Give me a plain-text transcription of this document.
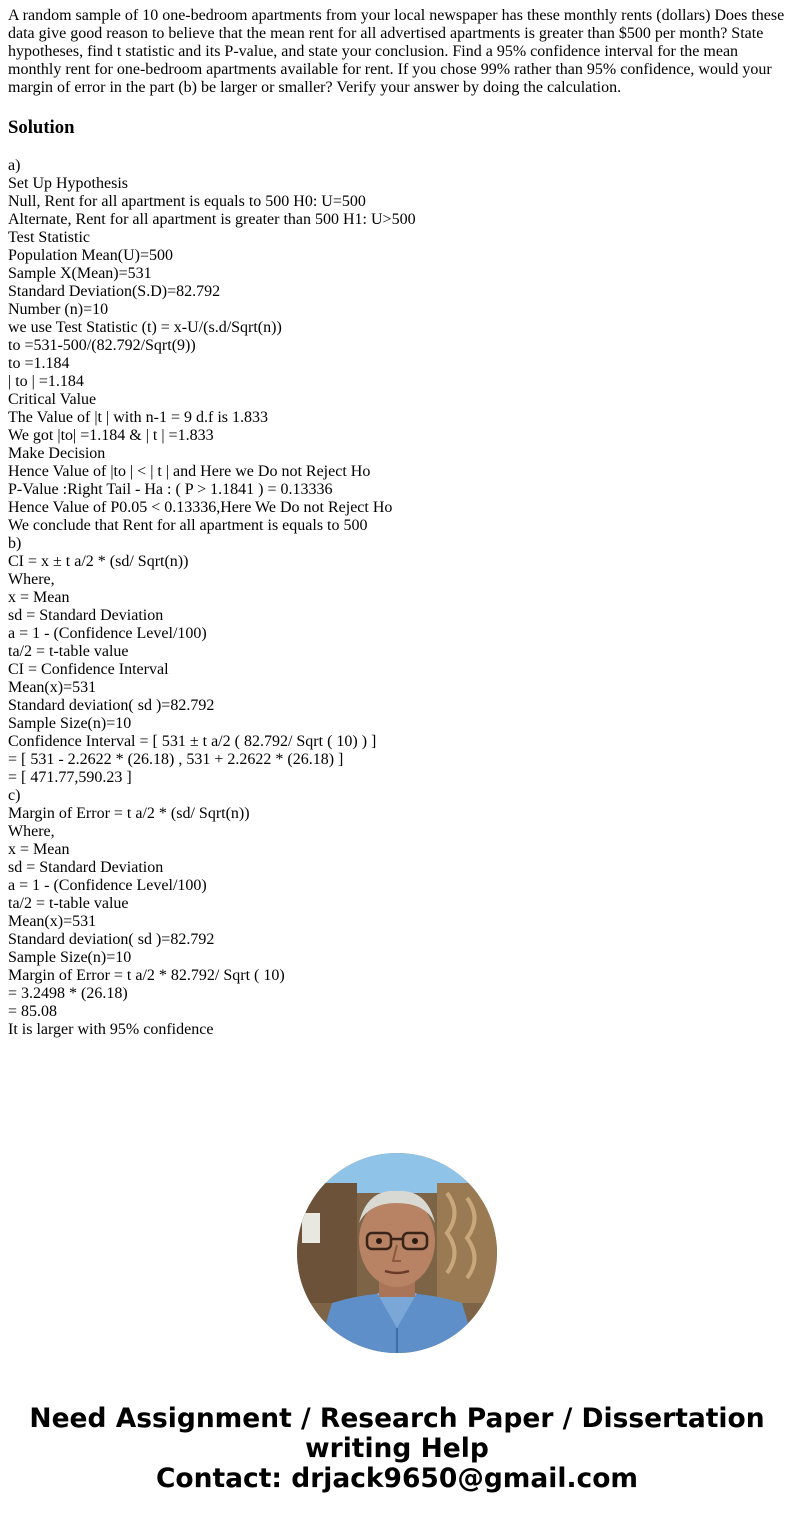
A random sample of 10 one-bedroom apartments from your local newspaper has these monthly rents (dollars) Does these data give good reason to believe that the mean rent for all advertised apartments is greater than $500 per month? State hypotheses, find t statistic and its P-value, and state your conclusion. Find a 95% confidence interval for the mean monthly rent for one-bedroom apartments available for rent. If you chose 99% rather than 95% confidence, would your margin of error in the part (b) be larger or smaller? Verify your answer by doing the calculation.

Solution
a)
Set Up Hypothesis
Null, Rent for all apartment is equals to 500 H0: U=500
Alternate, Rent for all apartment is greater than 500 H1: U>500
Test Statistic
Population Mean(U)=500
Sample X(Mean)=531
Standard Deviation(S.D)=82.792
Number (n)=10
we use Test Statistic (t) = x-U/(s.d/Sqrt(n))
to =531-500/(82.792/Sqrt(9))
to =1.184
| to | =1.184
Critical Value
The Value of |t | with n-1 = 9 d.f is 1.833
We got |to| =1.184 & | t | =1.833
Make Decision
Hence Value of |to | < | t | and Here we Do not Reject Ho
P-Value :Right Tail - Ha : ( P > 1.1841 ) = 0.13336
Hence Value of P0.05 < 0.13336,Here We Do not Reject Ho
We conclude that Rent for all apartment is equals to 500
b)
CI = x ± t a/2 * (sd/ Sqrt(n))
Where,
x = Mean
sd = Standard Deviation
a = 1 - (Confidence Level/100)
ta/2 = t-table value
CI = Confidence Interval
Mean(x)=531
Standard deviation( sd )=82.792
Sample Size(n)=10
Confidence Interval = [ 531 ± t a/2 ( 82.792/ Sqrt ( 10) ) ]
= [ 531 - 2.2622 * (26.18) , 531 + 2.2622 * (26.18) ]
= [ 471.77,590.23 ]
c)
Margin of Error = t a/2 * (sd/ Sqrt(n))
Where,
x = Mean
sd = Standard Deviation
a = 1 - (Confidence Level/100)
ta/2 = t-table value
Mean(x)=531
Standard deviation( sd )=82.792
Sample Size(n)=10
Margin of Error = t a/2 * 82.792/ Sqrt ( 10)
= 3.2498 * (26.18)
= 85.08
It is larger with 95% confidence
Need Assignment / Research Paper / Dissertation
writing Help
Contact: drjack9650@gmail.com
